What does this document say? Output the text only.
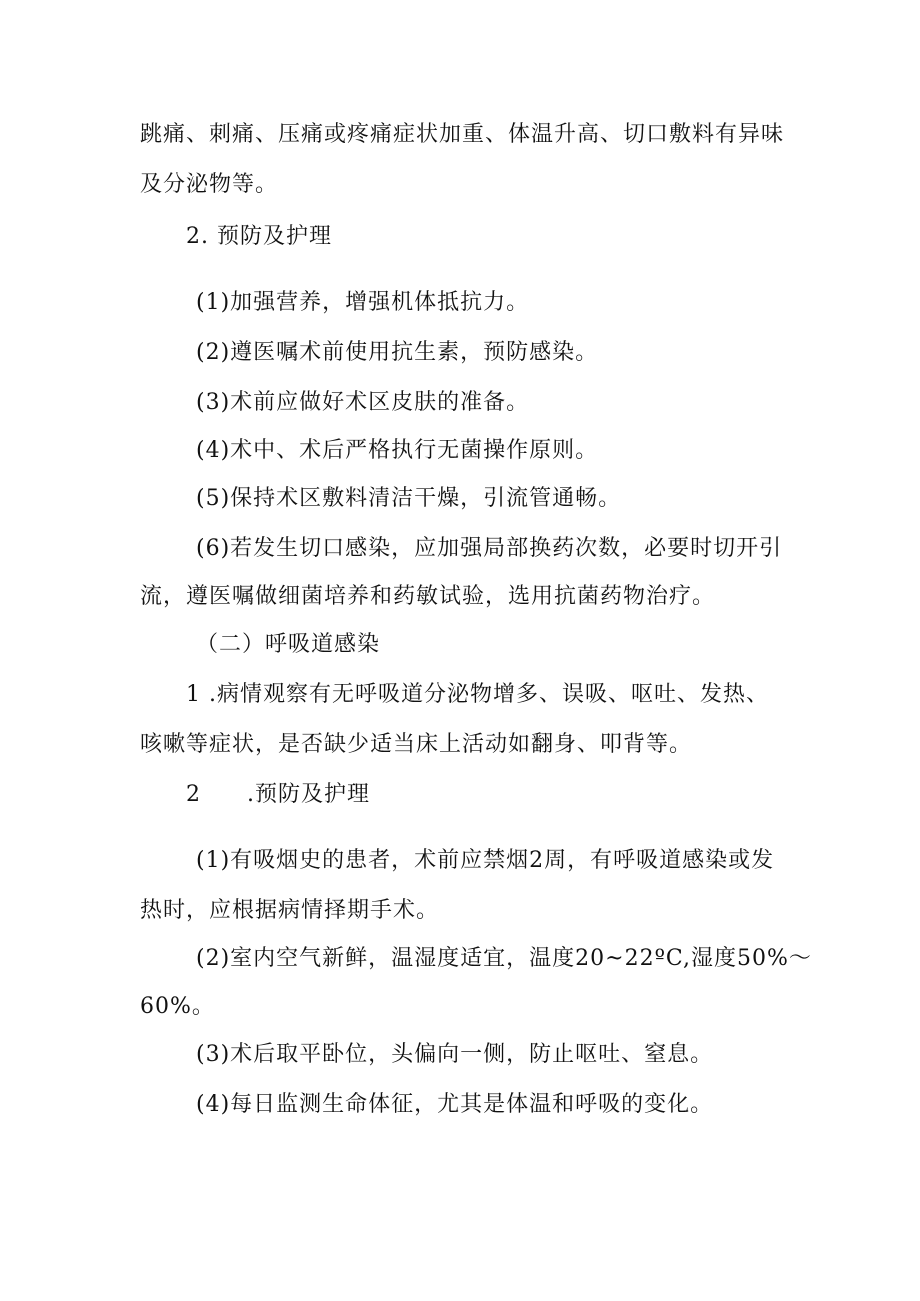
跳痛、刺痛、压痛或疼痛症状加重、体温升高、切口敷料有异味
及分泌物等。
2. 预防及护理
(1)加强营养，增强机体抵抗力。
(2)遵医嘱术前使用抗生素，预防感染。
(3)术前应做好术区皮肤的准备。
(4)术中、术后严格执行无菌操作原则。
(5)保持术区敷料清洁干燥，引流管通畅。
(6)若发生切口感染，应加强局部换药次数，必要时切开引
流，遵医嘱做细菌培养和药敏试验，选用抗菌药物治疗。
（二）呼吸道感染
1 .病情观察有无呼吸道分泌物增多、误吸、呕吐、发热、
咳嗽等症状，是否缺少适当床上活动如翻身、叩背等。
2　　.预防及护理
(1)有吸烟史的患者，术前应禁烟2周，有呼吸道感染或发
热时，应根据病情择期手术。
(2)室内空气新鲜，温湿度适宜，温度20~22ºC,湿度50%～
60%。
(3)术后取平卧位，头偏向一侧，防止呕吐、窒息。
(4)每日监测生命体征，尤其是体温和呼吸的变化。
